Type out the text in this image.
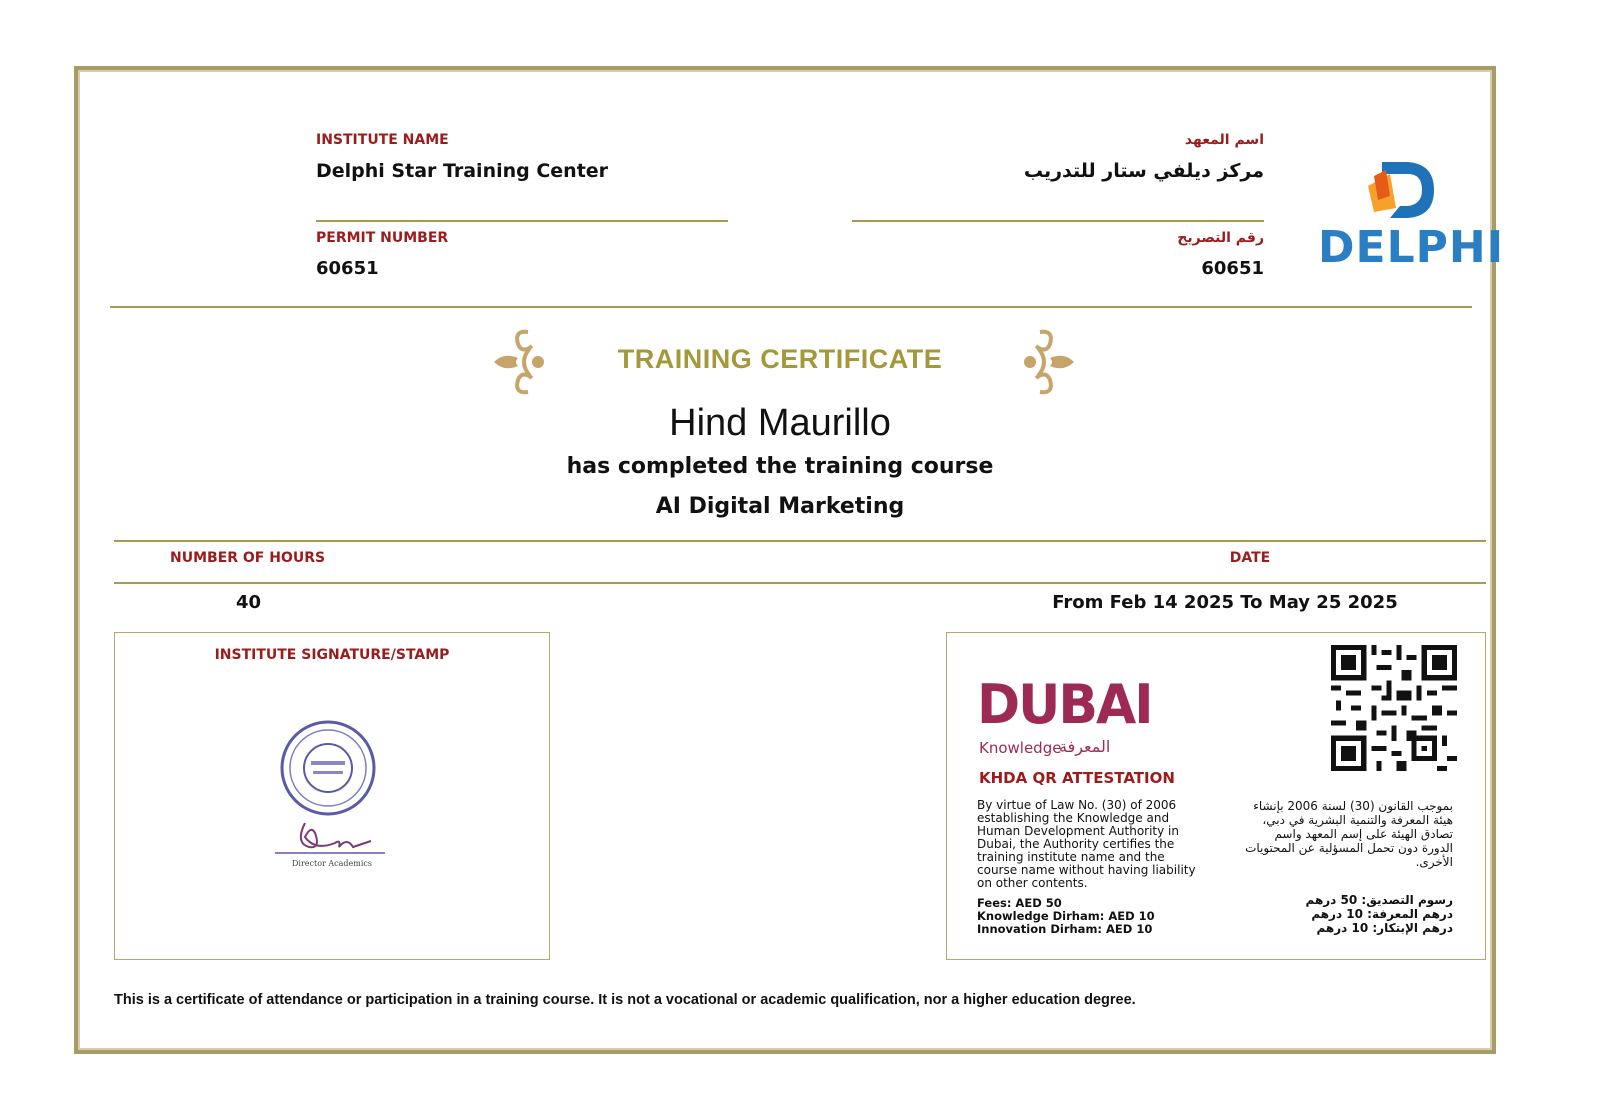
INSTITUTE NAME
Delphi Star Training Center
PERMIT NUMBER
60651
اسم المعهد
مركز ديلفي ستار للتدريب
رقم التصريح
60651 DELPHI
TRAINING CERTIFICATE
Hind Maurillo
has completed the training course
AI Digital Marketing
NUMBER OF HOURS	DATE
40	From Feb 14 2025 To May 25 2025
INSTITUTE SIGNATURE/STAMP
Director Academics
DUBAI
Knowledge
المعرفة
KHDA QR ATTESTATION
By virtue of Law No. (30) of 2006 establishing the Knowledge and Human Development Authority in Dubai, the Authority certifies the training institute name and the course name without having liability on other contents.
بموجب القانون (30) لسنة 2006 بإنشاء هيئة المعرفة والتنمية البشرية في دبي، تصادق الهيئة على إسم المعهد واسم الدورة دون تحمل المسؤلية عن المحتويات الأخرى.
Fees: AED 50
Knowledge Dirham: AED 10
Innovation Dirham: AED 10
رسوم التصديق: 50 درهم
درهم المعرفة: 10 درهم
درهم الإبتكار: 10 درهم
This is a certificate of attendance or participation in a training course. It is not a vocational or academic qualification, nor a higher education degree.
